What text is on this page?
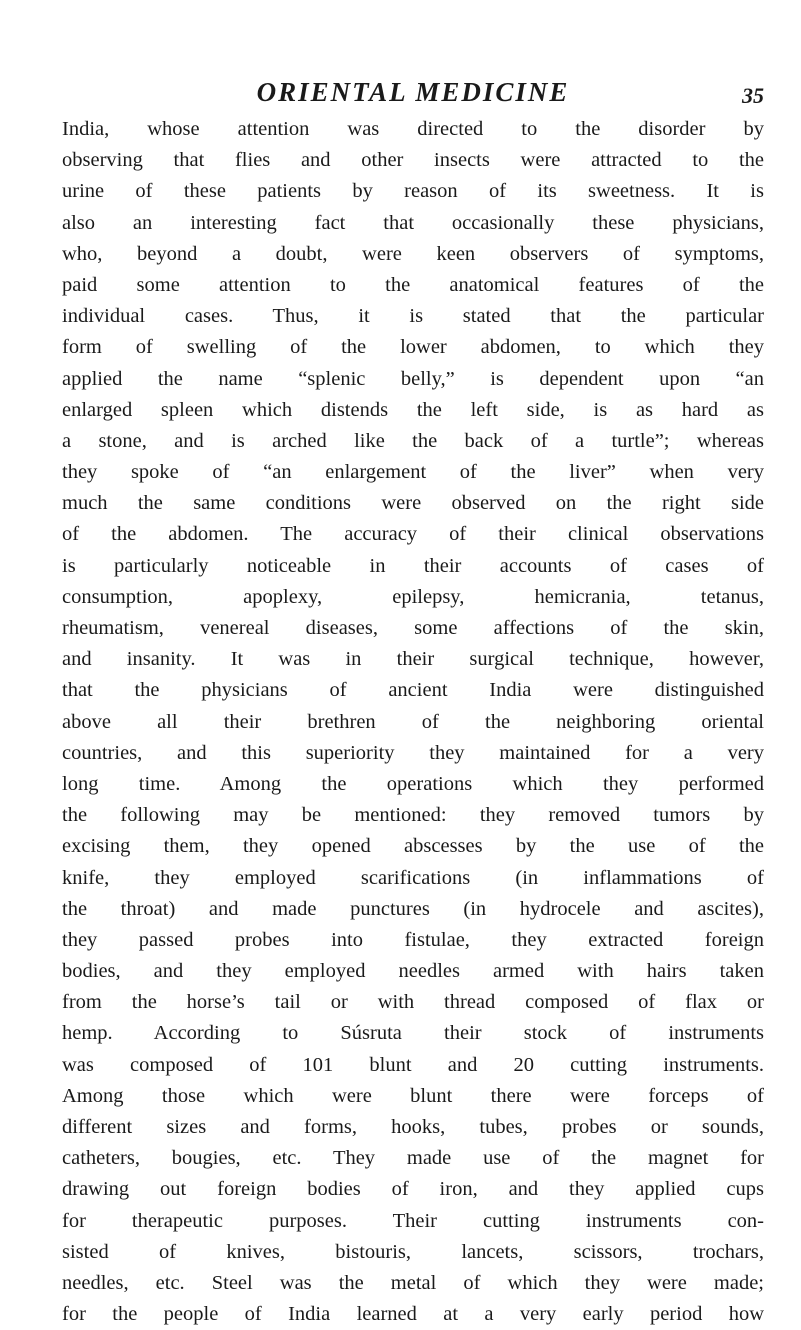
ORIENTAL MEDICINE	35
India, whose attention was directed to the disorder by
observing that flies and other insects were attracted to the
urine of these patients by reason of its sweetness. It is
also an interesting fact that occasionally these physicians,
who, beyond a doubt, were keen observers of symptoms,
paid some attention to the anatomical features of the
individual cases. Thus, it is stated that the particular
form of swelling of the lower abdomen, to which they
applied the name “splenic belly,” is dependent upon “an
enlarged spleen which distends the left side, is as hard as
a stone, and is arched like the back of a turtle”; whereas
they spoke of “an enlargement of the liver” when very
much the same conditions were observed on the right side
of the abdomen. The accuracy of their clinical observations
is particularly noticeable in their accounts of cases of
consumption, apoplexy, epilepsy, hemicrania, tetanus,
rheumatism, venereal diseases, some affections of the skin,
and insanity. It was in their surgical technique, however,
that the physicians of ancient India were distinguished
above all their brethren of the neighboring oriental
countries, and this superiority they maintained for a very
long time. Among the operations which they performed
the following may be mentioned: they removed tumors by
excising them, they opened abscesses by the use of the
knife, they employed scarifications (in inflammations of
the throat) and made punctures (in hydrocele and ascites),
they passed probes into fistulae, they extracted foreign
bodies, and they employed needles armed with hairs taken
from the horse’s tail or with thread composed of flax or
hemp. According to Súsruta their stock of instruments
was composed of 101 blunt and 20 cutting instruments.
Among those which were blunt there were forceps of
different sizes and forms, hooks, tubes, probes or sounds,
catheters, bougies, etc. They made use of the magnet for
drawing out foreign bodies of iron, and they applied cups
for therapeutic purposes. Their cutting instruments con-
sisted of knives, bistouris, lancets, scissors, trochars,
needles, etc. Steel was the metal of which they were made;
for the people of India learned at a very early period how
